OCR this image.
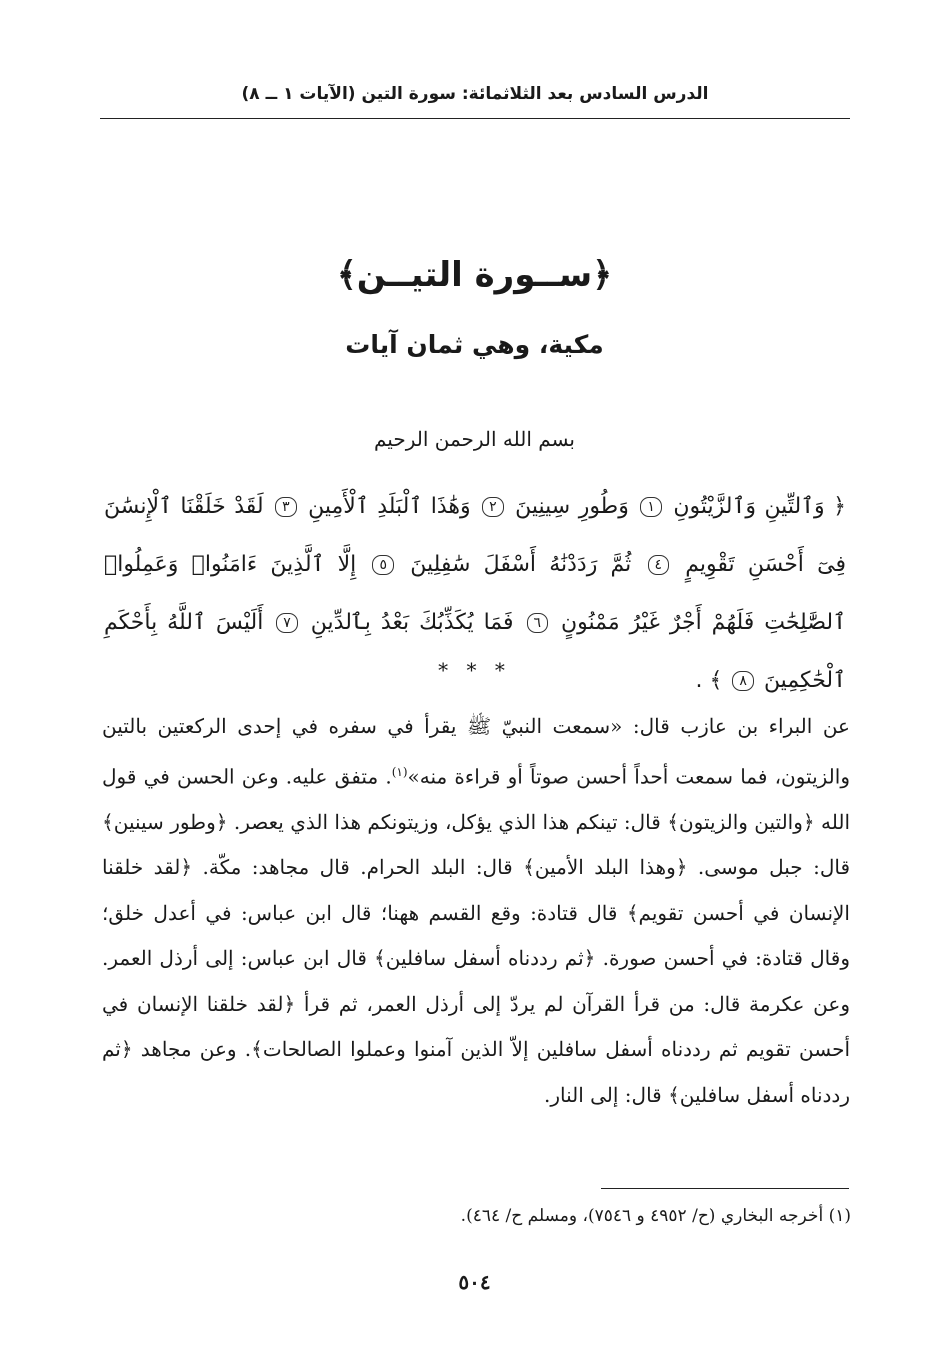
الدرس السادس بعد الثلاثمائة: سورة التين (الآيات ١ ــ ٨)
﴿ســورة التيــن﴾
مكية، وهي ثمان آيات
بسم الله الرحمن الرحيم
﴿ وَٱلتِّينِ وَٱلزَّيْتُونِ ١ وَطُورِ سِينِينَ ٢ وَهَٰذَا ٱلْبَلَدِ ٱلْأَمِينِ ٣ لَقَدْ خَلَقْنَا ٱلْإِنسَٰنَ فِىٓ أَحْسَنِ تَقْوِيمٍ ٤ ثُمَّ رَدَدْنَٰهُ أَسْفَلَ سَٰفِلِينَ ٥ إِلَّا ٱلَّذِينَ ءَامَنُوا۟ وَعَمِلُوا۟ ٱلصَّٰلِحَٰتِ فَلَهُمْ أَجْرٌ غَيْرُ مَمْنُونٍ ٦ فَمَا يُكَذِّبُكَ بَعْدُ بِٱلدِّينِ ٧ أَلَيْسَ ٱللَّهُ بِأَحْكَمِ ٱلْحَٰكِمِينَ ٨ ﴾ .
* * *
عن البراء بن عازب قال: «سمعت النبيّ ﷺ يقرأ في سفره في إحدى الركعتين بالتين والزيتون، فما سمعت أحداً أحسن صوتاً أو قراءة منه»$^{(١)}$. متفق عليه. وعن الحسن في قول الله ﴿والتين والزيتون﴾ قال: تينكم هذا الذي يؤكل، وزيتونكم هذا الذي يعصر. ﴿وطور سينين﴾ قال: جبل موسى. ﴿وهذا البلد الأمين﴾ قال: البلد الحرام. قال مجاهد: مكّة. ﴿لقد خلقنا الإنسان في أحسن تقويم﴾ قال قتادة: وقع القسم ههنا؛ قال ابن عباس: في أعدل خلق؛ وقال قتادة: في أحسن صورة. ﴿ثم رددناه أسفل سافلين﴾ قال ابن عباس: إلى أرذل العمر. وعن عكرمة قال: من قرأ القرآن لم يردّ إلى أرذل العمر، ثم قرأ ﴿لقد خلقنا الإنسان في أحسن تقويم ثم رددناه أسفل سافلين إلاّ الذين آمنوا وعملوا الصالحات﴾. وعن مجاهد ﴿ثم رددناه أسفل سافلين﴾ قال: إلى النار.
(١) أخرجه البخاري (ح/ ٤٩٥٢ و ٧٥٤٦)، ومسلم ح/ ٤٦٤).
٥٠٤
